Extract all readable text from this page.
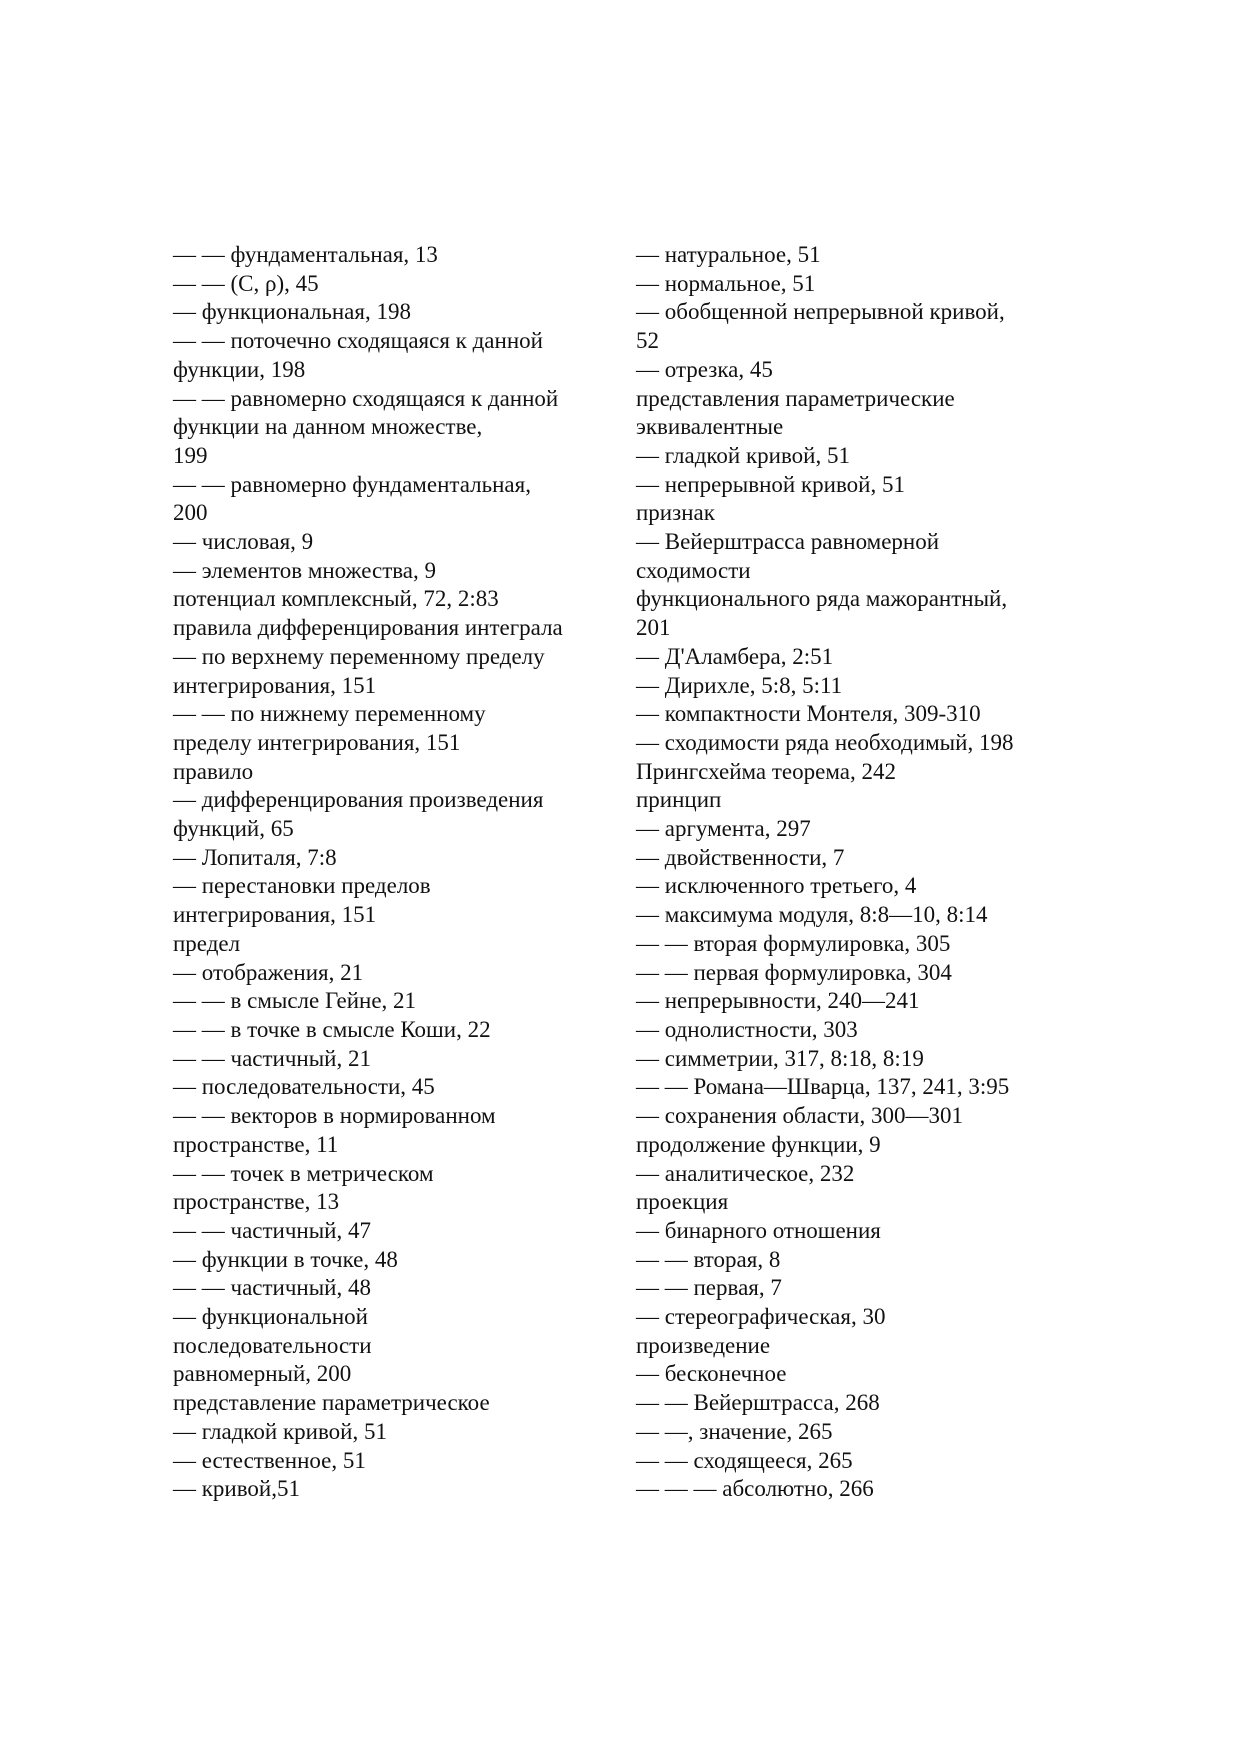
— — фундаментальная, 13
— — (С, ρ), 45
— функциональная, 198
— — поточечно сходящаяся к данной
функции, 198
— — равномерно сходящаяся к данной
функции на данном множестве,
199
— — равномерно фундаментальная,
200
— числовая, 9
— элементов множества, 9
потенциал комплексный, 72, 2:83
правила дифференцирования интеграла
— по верхнему переменному пределу
интегрирования, 151
— — по нижнему переменному
пределу интегрирования, 151
правило
— дифференцирования произведения
функций, 65
— Лопиталя, 7:8
— перестановки пределов
интегрирования, 151
предел
— отображения, 21
— — в смысле Гейне, 21
— — в точке в смысле Коши, 22
— — частичный, 21
— последовательности, 45
— — векторов в нормированном
пространстве, 11
— — точек в метрическом
пространстве, 13
— — частичный, 47
— функции в точке, 48
— — частичный, 48
— функциональной
последовательности
равномерный, 200
представление параметрическое
— гладкой кривой, 51
— естественное, 51
— кривой,51
— натуральное, 51
— нормальное, 51
— обобщенной непрерывной кривой,
52
— отрезка, 45
представления параметрические
эквивалентные
— гладкой кривой, 51
— непрерывной кривой, 51
признак
— Вейерштрасса равномерной
сходимости
функционального ряда мажорантный,
201
— Д'Аламбера, 2:51
— Дирихле, 5:8, 5:11
— компактности Монтеля, 309-310
— сходимости ряда необходимый, 198
Прингсхейма теорема, 242
принцип
— аргумента, 297
— двойственности, 7
— исключенного третьего, 4
— максимума модуля, 8:8—10, 8:14
— — вторая формулировка, 305
— — первая формулировка, 304
— непрерывности, 240—241
— однолистности, 303
— симметрии, 317, 8:18, 8:19
— — Романа—Шварца, 137, 241, 3:95
— сохранения области, 300—301
продолжение функции, 9
— аналитическое, 232
проекция
— бинарного отношения
— — вторая, 8
— — первая, 7
— стереографическая, 30
произведение
— бесконечное
— — Вейерштрасса, 268
— —, значение, 265
— — сходящееся, 265
— — — абсолютно, 266
